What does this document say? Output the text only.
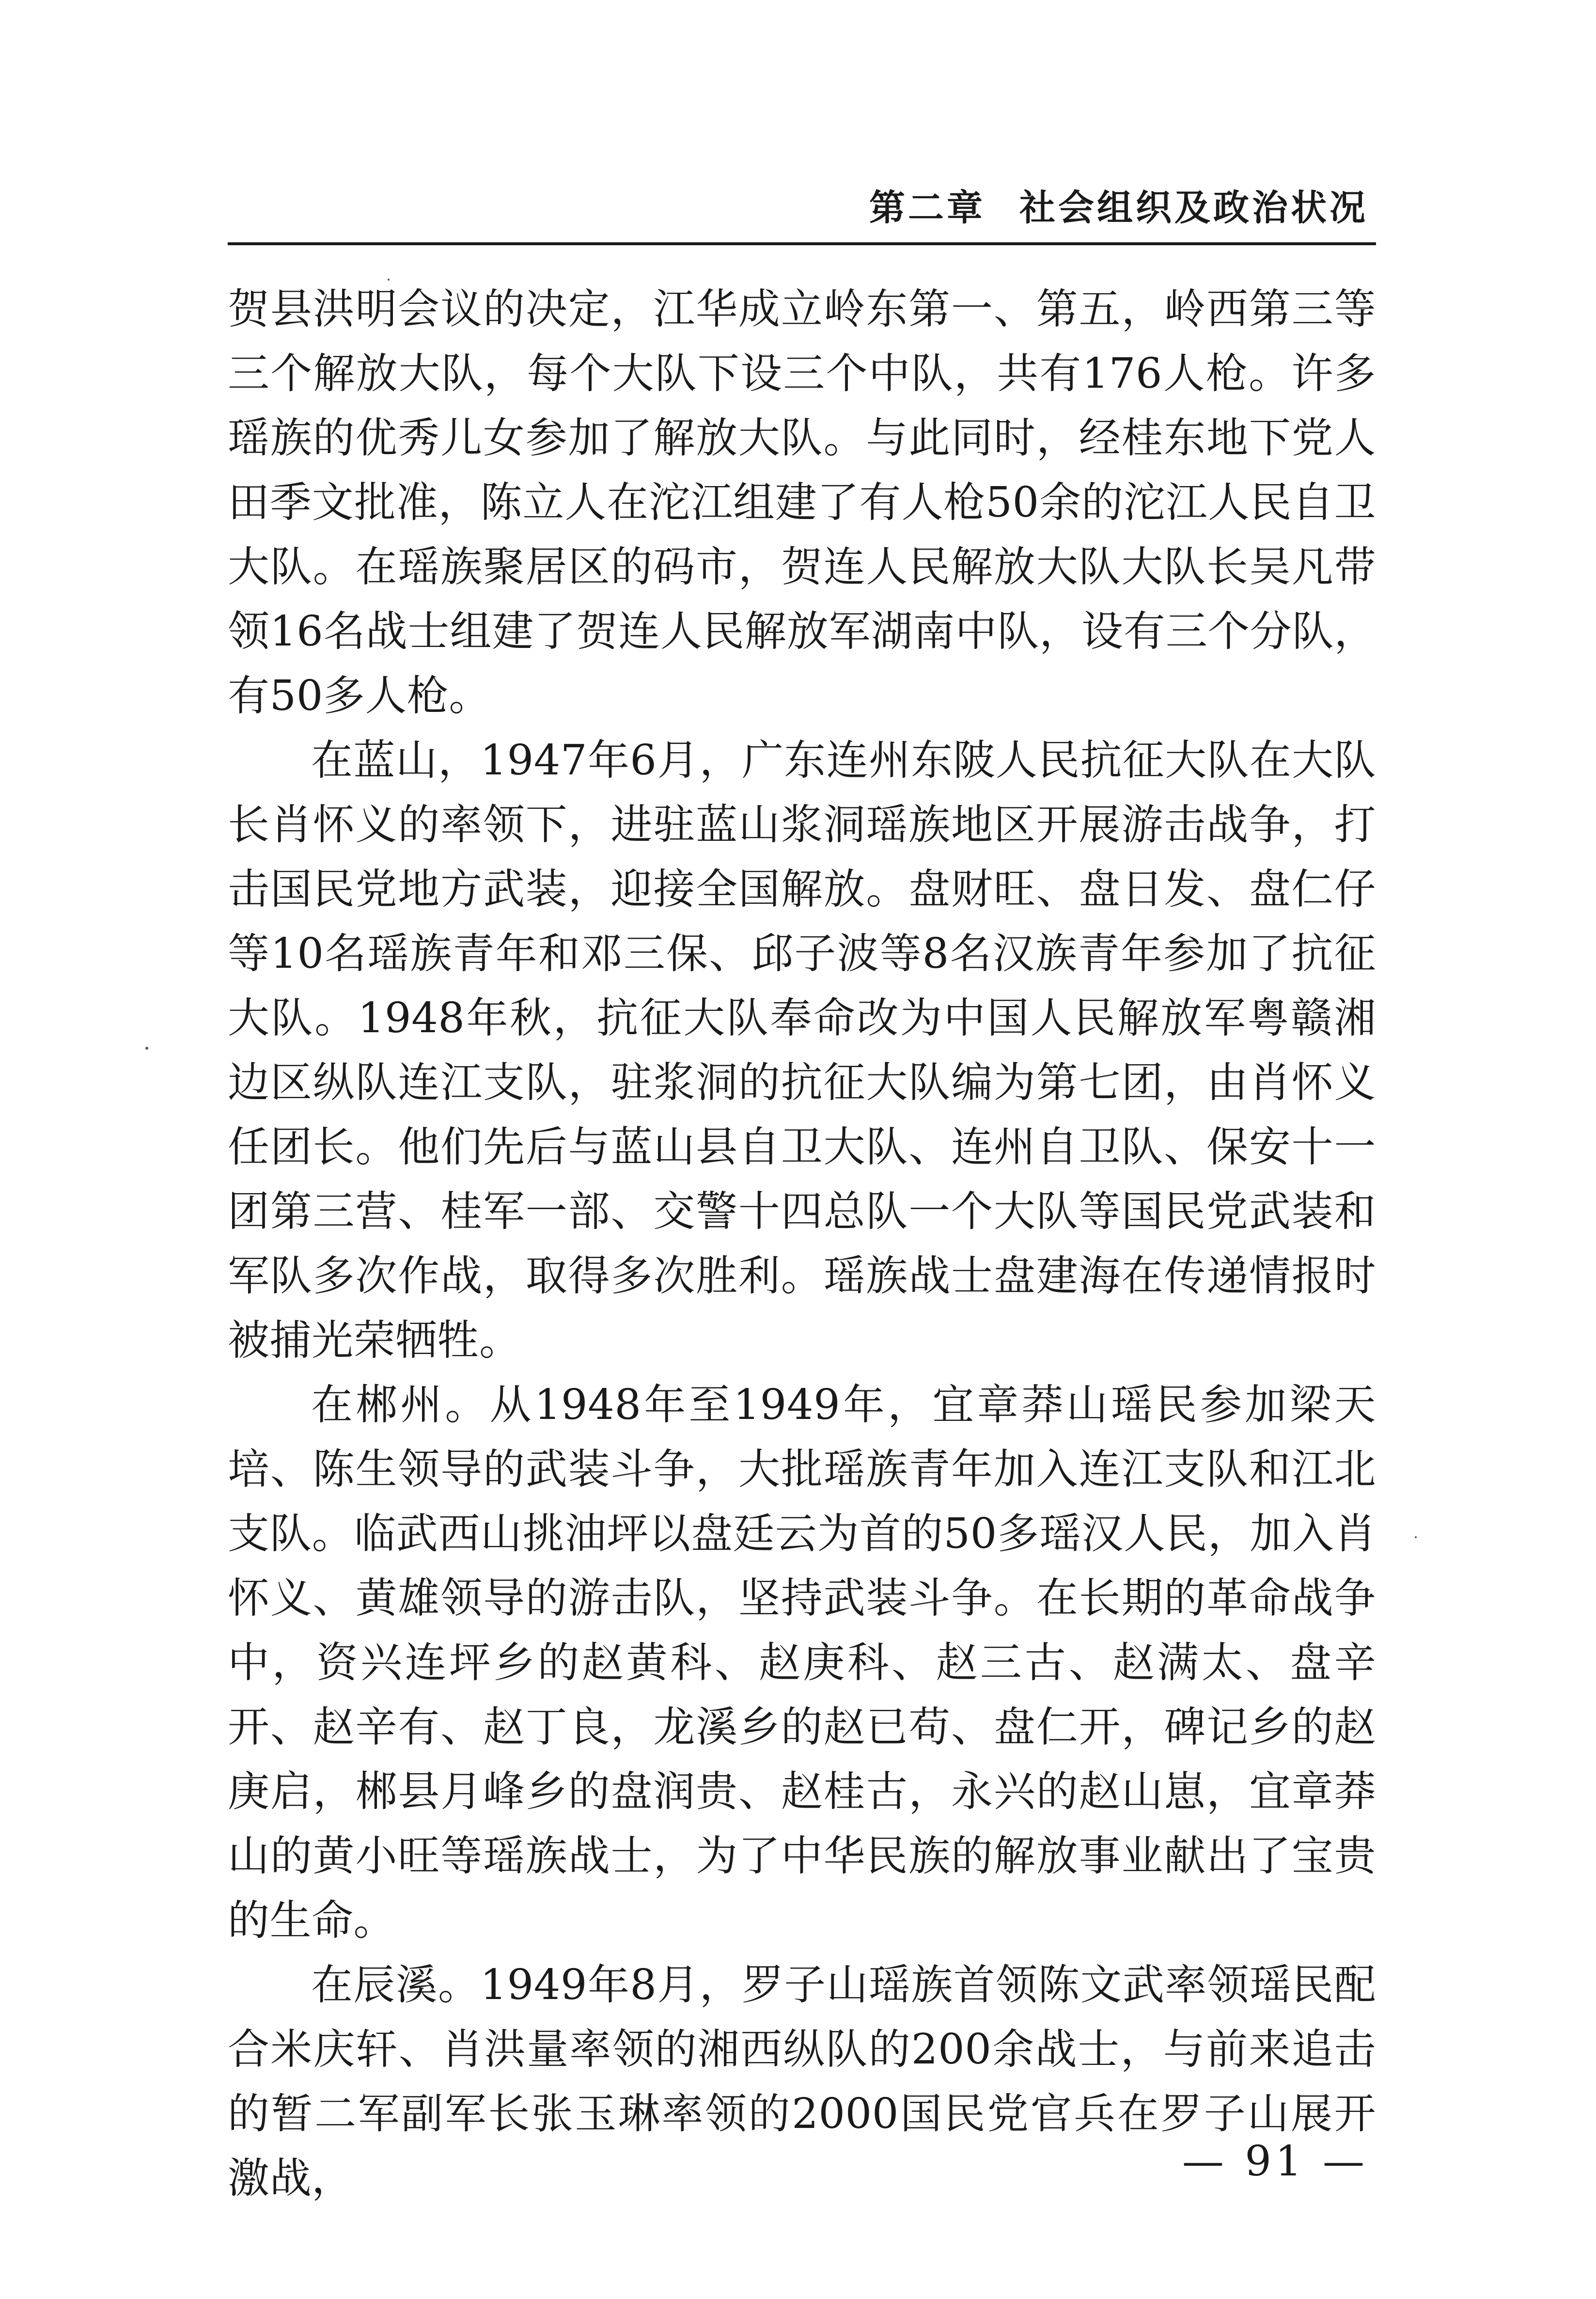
第二章 社会组织及政治状况

贺县洪明会议的决定，江华成立岭东第一、第五，岭西第三等三个解放大队，每个大队下设三个中队，共有176人枪。许多瑶族的优秀儿女参加了解放大队。与此同时，经桂东地下党人田季文批准，陈立人在沱江组建了有人枪50余的沱江人民自卫大队。在瑶族聚居区的码市，贺连人民解放大队大队长吴凡带领16名战士组建了贺连人民解放军湖南中队，设有三个分队，有50多人枪。

在蓝山，1947年6月，广东连州东陂人民抗征大队在大队长肖怀义的率领下，进驻蓝山浆洞瑶族地区开展游击战争，打击国民党地方武装，迎接全国解放。盘财旺、盘日发、盘仁仔等10名瑶族青年和邓三保、邱子波等8名汉族青年参加了抗征大队。1948年秋，抗征大队奉命改为中国人民解放军粤赣湘边区纵队连江支队，驻浆洞的抗征大队编为第七团，由肖怀义任团长。他们先后与蓝山县自卫大队、连州自卫队、保安十一团第三营、桂军一部、交警十四总队一个大队等国民党武装和军队多次作战，取得多次胜利。瑶族战士盘建海在传递情报时被捕光荣牺牲。

在郴州。从1948年至1949年，宜章莽山瑶民参加梁天培、陈生领导的武装斗争，大批瑶族青年加入连江支队和江北支队。临武西山挑油坪以盘廷云为首的50多瑶汉人民，加入肖怀义、黄雄领导的游击队，坚持武装斗争。在长期的革命战争中，资兴连坪乡的赵黄科、赵庚科、赵三古、赵满太、盘辛开、赵辛有、赵丁良，龙溪乡的赵已苟、盘仁开，碑记乡的赵庚启，郴县月峰乡的盘润贵、赵桂古，永兴的赵山崽，宜章莽山的黄小旺等瑶族战士，为了中华民族的解放事业献出了宝贵的生命。

在辰溪。1949年8月，罗子山瑶族首领陈文武率领瑶民配合米庆轩、肖洪量率领的湘西纵队的200余战士，与前来追击的暂二军副军长张玉琳率领的2000国民党官兵在罗子山展开激战，	— 91 —
